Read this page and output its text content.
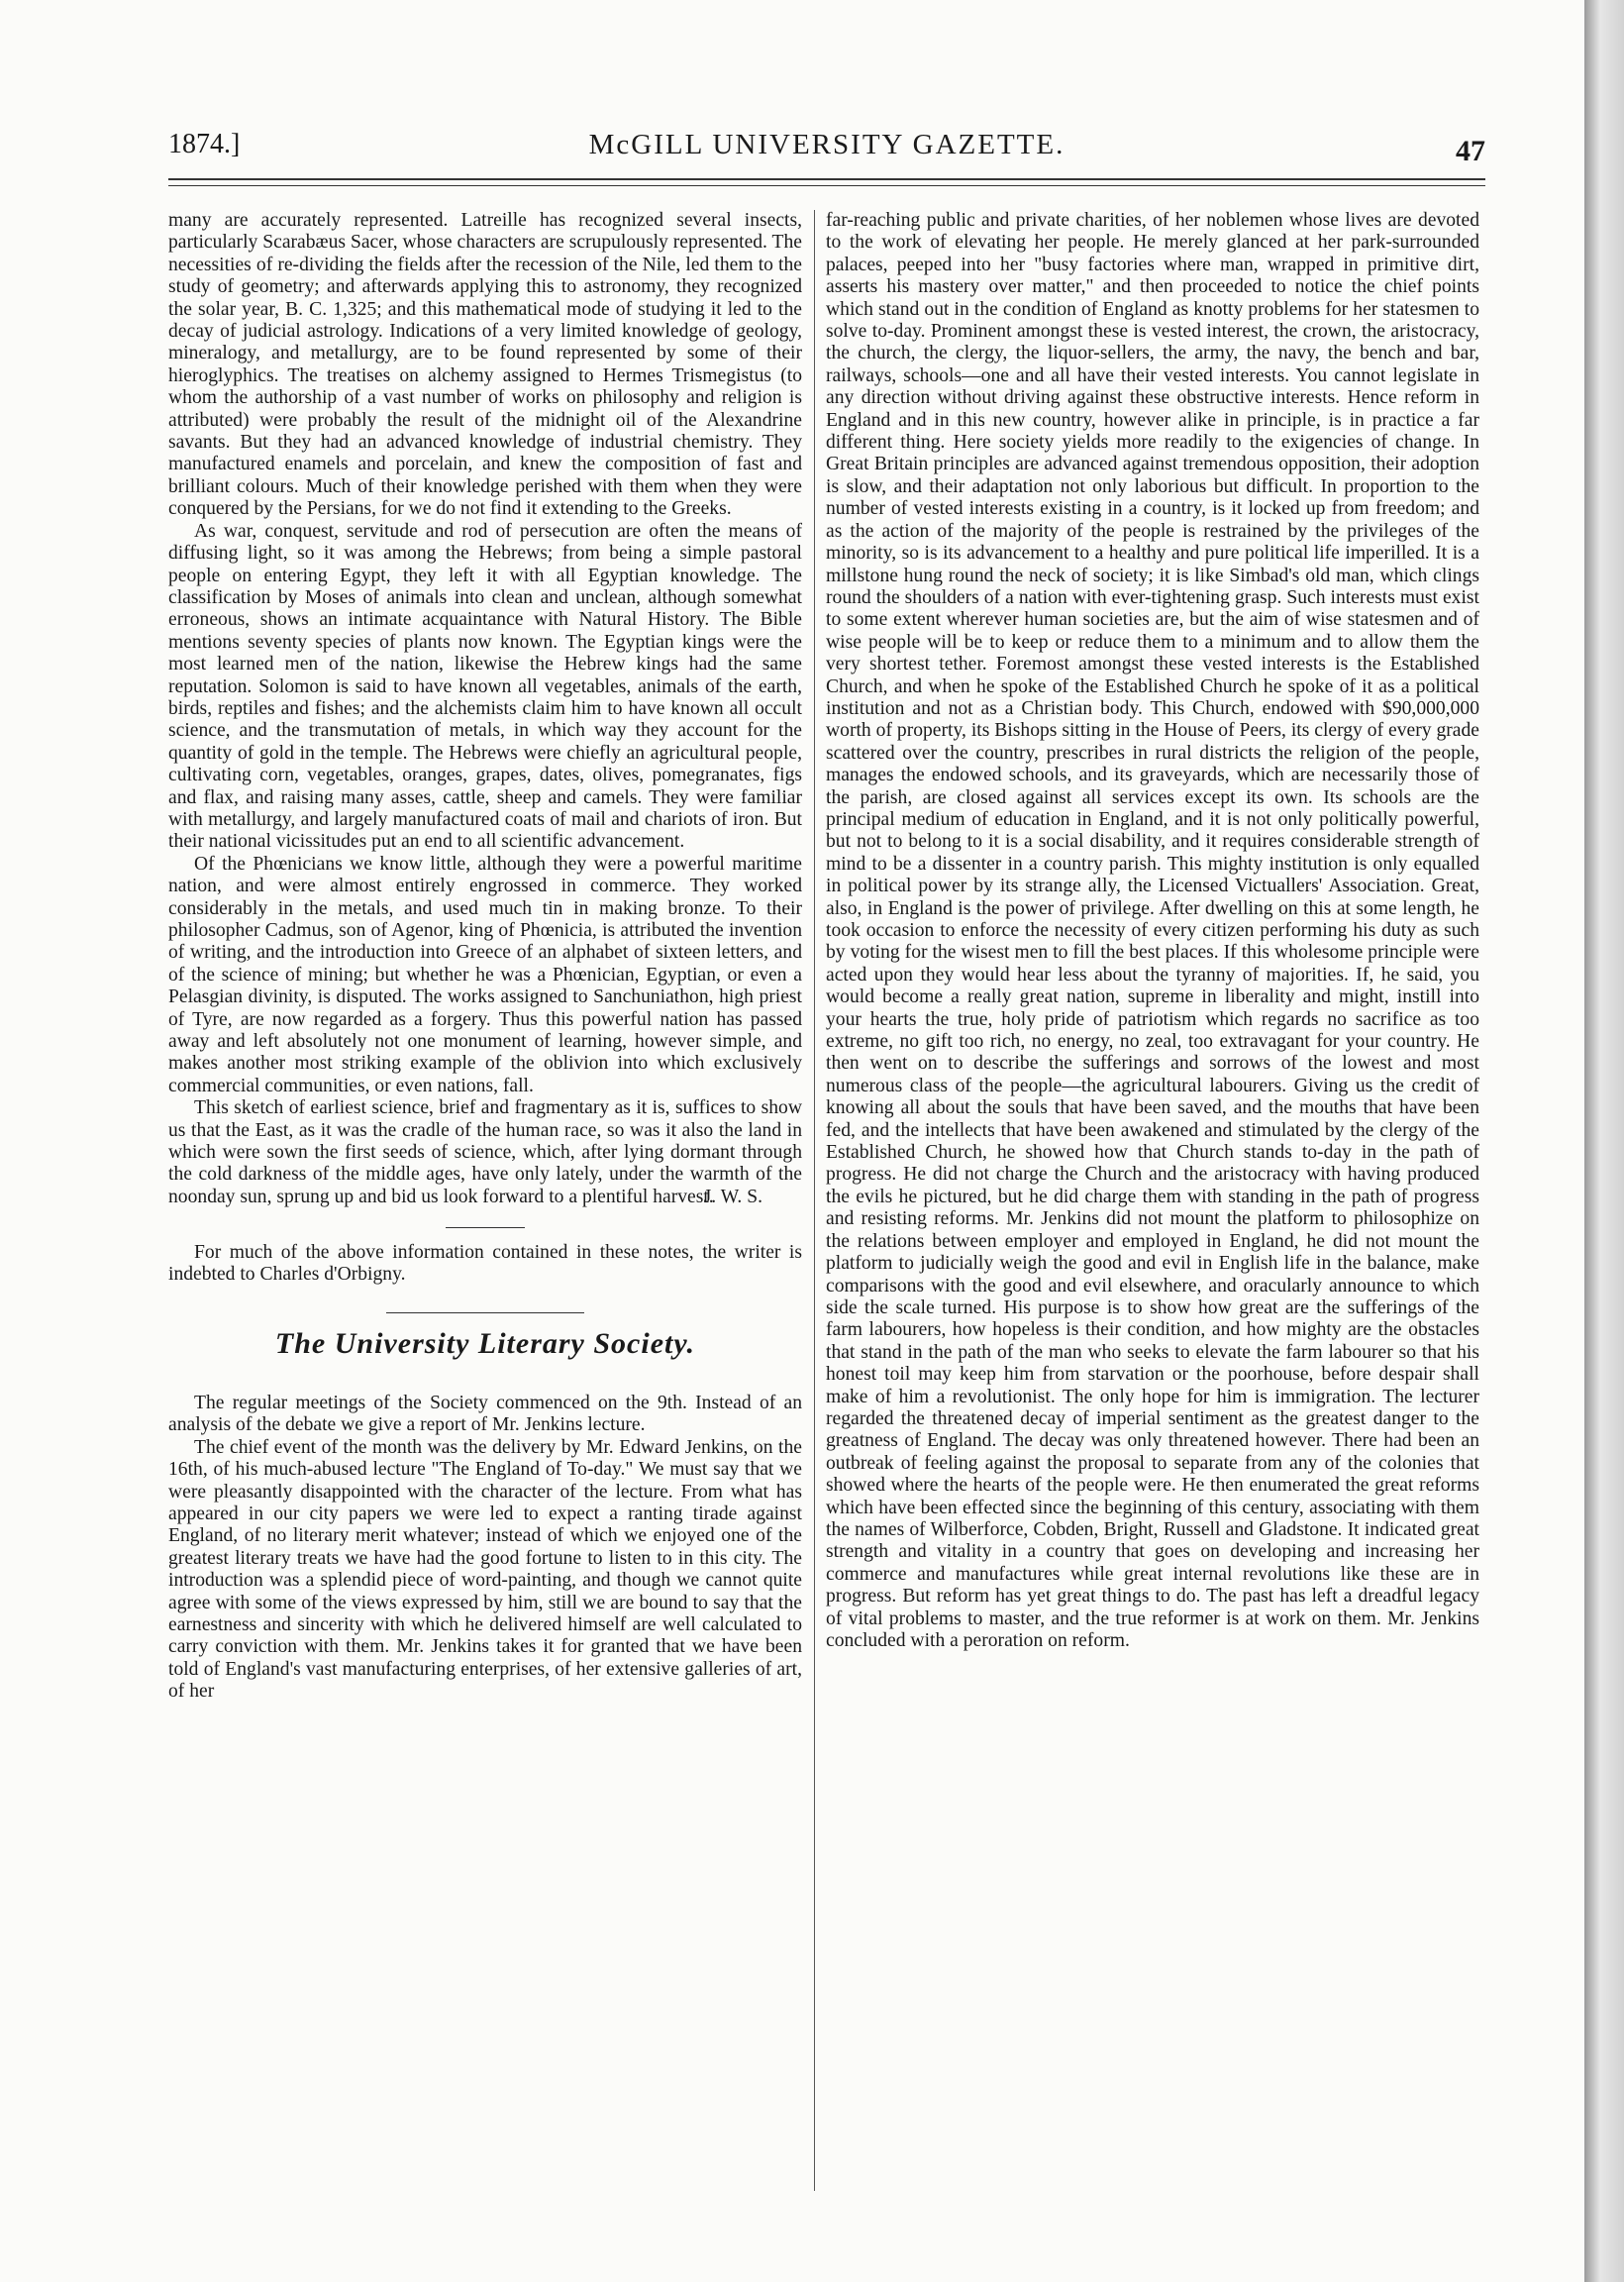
1874.]	McGILL UNIVERSITY GAZETTE.	47

many are accurately represented. Latreille has recognized several insects, particularly Scarabæus Sacer, whose characters are scrupulously represented. The necessities of re-dividing the fields after the recession of the Nile, led them to the study of geometry; and afterwards applying this to astronomy, they recognized the solar year, B. C. 1,325; and this mathematical mode of studying it led to the decay of judicial astrology. Indications of a very limited knowledge of geology, mineralogy, and metallurgy, are to be found represented by some of their hieroglyphics. The treatises on alchemy assigned to Hermes Trismegistus (to whom the authorship of a vast number of works on philosophy and religion is attributed) were probably the result of the midnight oil of the Alexandrine savants. But they had an advanced knowledge of industrial chemistry. They manufactured enamels and porcelain, and knew the composition of fast and brilliant colours. Much of their knowledge perished with them when they were conquered by the Persians, for we do not find it extending to the Greeks.

As war, conquest, servitude and rod of persecution are often the means of diffusing light, so it was among the Hebrews; from being a simple pastoral people on entering Egypt, they left it with all Egyptian knowledge. The classification by Moses of animals into clean and unclean, although somewhat erroneous, shows an intimate acquaintance with Natural History. The Bible mentions seventy species of plants now known. The Egyptian kings were the most learned men of the nation, likewise the Hebrew kings had the same reputation. Solomon is said to have known all vegetables, animals of the earth, birds, reptiles and fishes; and the alchemists claim him to have known all occult science, and the transmutation of metals, in which way they account for the quantity of gold in the temple. The Hebrews were chiefly an agricultural people, cultivating corn, vegetables, oranges, grapes, dates, olives, pomegranates, figs and flax, and raising many asses, cattle, sheep and camels. They were familiar with metallurgy, and largely manufactured coats of mail and chariots of iron. But their national vicissitudes put an end to all scientific advancement.

Of the Phœnicians we know little, although they were a powerful maritime nation, and were almost entirely engrossed in commerce. They worked considerably in the metals, and used much tin in making bronze. To their philosopher Cadmus, son of Agenor, king of Phœnicia, is attributed the invention of writing, and the introduction into Greece of an alphabet of sixteen letters, and of the science of mining; but whether he was a Phœnician, Egyptian, or even a Pelasgian divinity, is disputed. The works assigned to Sanchuniathon, high priest of Tyre, are now regarded as a forgery. Thus this powerful nation has passed away and left absolutely not one monument of learning, however simple, and makes another most striking example of the oblivion into which exclusively commercial communities, or even nations, fall.

This sketch of earliest science, brief and fragmentary as it is, suffices to show us that the East, as it was the cradle of the human race, so was it also the land in which were sown the first seeds of science, which, after lying dormant through the cold darkness of the middle ages, have only lately, under the warmth of the noonday sun, sprung up and bid us look forward to a plentiful harvest.

J. W. S.

For much of the above information contained in these notes, the writer is indebted to Charles d'Orbigny.

The University Literary Society.

The regular meetings of the Society commenced on the 9th. Instead of an analysis of the debate we give a report of Mr. Jenkins lecture.

The chief event of the month was the delivery by Mr. Edward Jenkins, on the 16th, of his much-abused lecture "The England of To-day." We must say that we were pleasantly disappointed with the character of the lecture. From what has appeared in our city papers we were led to expect a ranting tirade against England, of no literary merit whatever; instead of which we enjoyed one of the greatest literary treats we have had the good fortune to listen to in this city. The introduction was a splendid piece of word-painting, and though we cannot quite agree with some of the views expressed by him, still we are bound to say that the earnestness and sincerity with which he delivered himself are well calculated to carry conviction with them. Mr. Jenkins takes it for granted that we have been told of England's vast manufacturing enterprises, of her extensive galleries of art, of her

far-reaching public and private charities, of her noblemen whose lives are devoted to the work of elevating her people. He merely glanced at her park-surrounded palaces, peeped into her "busy factories where man, wrapped in primitive dirt, asserts his mastery over matter," and then proceeded to notice the chief points which stand out in the condition of England as knotty problems for her statesmen to solve to-day. Prominent amongst these is vested interest, the crown, the aristocracy, the church, the clergy, the liquor-sellers, the army, the navy, the bench and bar, railways, schools—one and all have their vested interests. You cannot legislate in any direction without driving against these obstructive interests. Hence reform in England and in this new country, however alike in principle, is in practice a far different thing. Here society yields more readily to the exigencies of change. In Great Britain principles are advanced against tremendous opposition, their adoption is slow, and their adaptation not only laborious but difficult. In proportion to the number of vested interests existing in a country, is it locked up from freedom; and as the action of the majority of the people is restrained by the privileges of the minority, so is its advancement to a healthy and pure political life imperilled. It is a millstone hung round the neck of society; it is like Simbad's old man, which clings round the shoulders of a nation with ever-tightening grasp. Such interests must exist to some extent wherever human societies are, but the aim of wise statesmen and of wise people will be to keep or reduce them to a minimum and to allow them the very shortest tether. Foremost amongst these vested interests is the Established Church, and when he spoke of the Established Church he spoke of it as a political institution and not as a Christian body. This Church, endowed with $90,000,000 worth of property, its Bishops sitting in the House of Peers, its clergy of every grade scattered over the country, prescribes in rural districts the religion of the people, manages the endowed schools, and its graveyards, which are necessarily those of the parish, are closed against all services except its own. Its schools are the principal medium of education in England, and it is not only politically powerful, but not to belong to it is a social disability, and it requires considerable strength of mind to be a dissenter in a country parish. This mighty institution is only equalled in political power by its strange ally, the Licensed Victuallers' Association. Great, also, in England is the power of privilege. After dwelling on this at some length, he took occasion to enforce the necessity of every citizen performing his duty as such by voting for the wisest men to fill the best places. If this wholesome principle were acted upon they would hear less about the tyranny of majorities. If, he said, you would become a really great nation, supreme in liberality and might, instill into your hearts the true, holy pride of patriotism which regards no sacrifice as too extreme, no gift too rich, no energy, no zeal, too extravagant for your country. He then went on to describe the sufferings and sorrows of the lowest and most numerous class of the people—the agricultural labourers. Giving us the credit of knowing all about the souls that have been saved, and the mouths that have been fed, and the intellects that have been awakened and stimulated by the clergy of the Established Church, he showed how that Church stands to-day in the path of progress. He did not charge the Church and the aristocracy with having produced the evils he pictured, but he did charge them with standing in the path of progress and resisting reforms. Mr. Jenkins did not mount the platform to philosophize on the relations between employer and employed in England, he did not mount the platform to judicially weigh the good and evil in English life in the balance, make comparisons with the good and evil elsewhere, and oracularly announce to which side the scale turned. His purpose is to show how great are the sufferings of the farm labourers, how hopeless is their condition, and how mighty are the obstacles that stand in the path of the man who seeks to elevate the farm labourer so that his honest toil may keep him from starvation or the poorhouse, before despair shall make of him a revolutionist. The only hope for him is immigration. The lecturer regarded the threatened decay of imperial sentiment as the greatest danger to the greatness of England. The decay was only threatened however. There had been an outbreak of feeling against the proposal to separate from any of the colonies that showed where the hearts of the people were. He then enumerated the great reforms which have been effected since the beginning of this century, associating with them the names of Wilberforce, Cobden, Bright, Russell and Gladstone. It indicated great strength and vitality in a country that goes on developing and increasing her commerce and manufactures while great internal revolutions like these are in progress. But reform has yet great things to do. The past has left a dreadful legacy of vital problems to master, and the true reformer is at work on them. Mr. Jenkins concluded with a peroration on reform.
